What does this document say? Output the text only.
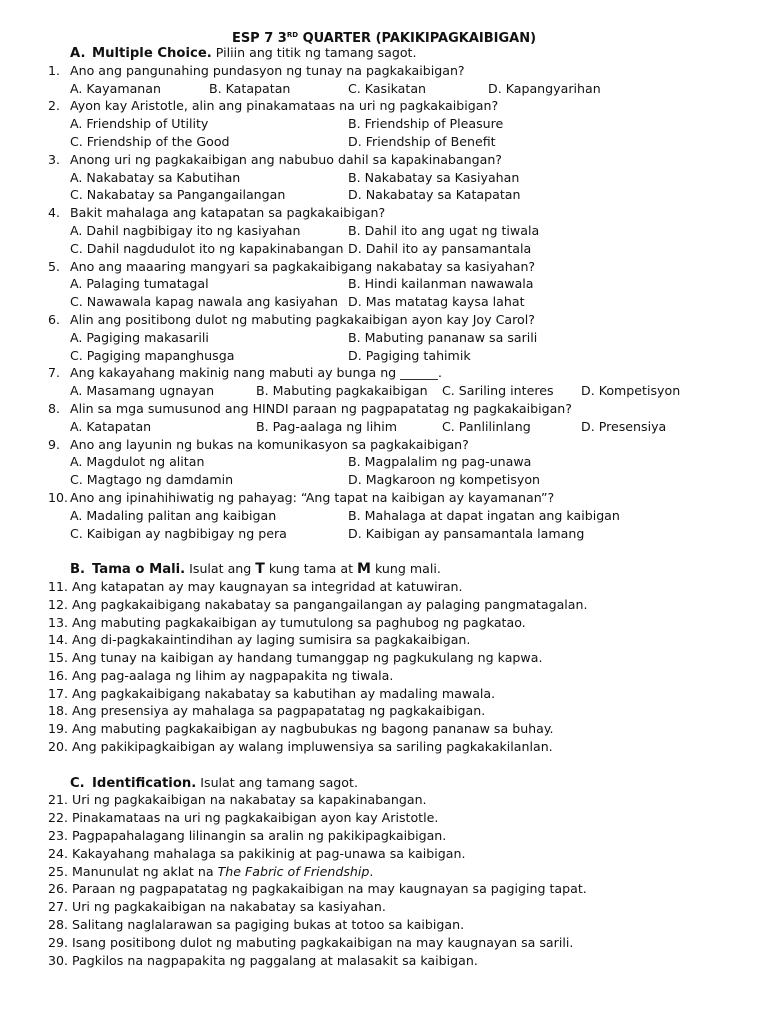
ESP 7 3RD QUARTER (PAKIKIPAGKAIBIGAN)
A. Multiple Choice. Piliin ang titik ng tamang sagot.
1. Ano ang pangunahing pundasyon ng tunay na pagkakaibigan?
A. Kayamanan	B. Katapatan	C. Kasikatan	D. Kapangyarihan
2. Ayon kay Aristotle, alin ang pinakamataas na uri ng pagkakaibigan?
A. Friendship of Utility	B. Friendship of Pleasure
C. Friendship of the Good	D. Friendship of Benefit
3. Anong uri ng pagkakaibigan ang nabubuo dahil sa kapakinabangan?
A. Nakabatay sa Kabutihan	B. Nakabatay sa Kasiyahan
C. Nakabatay sa Pangangailangan	D. Nakabatay sa Katapatan
4. Bakit mahalaga ang katapatan sa pagkakaibigan?
A. Dahil nagbibigay ito ng kasiyahan	B. Dahil ito ang ugat ng tiwala
C. Dahil nagdudulot ito ng kapakinabangan D. Dahil ito ay pansamantala
5. Ano ang maaaring mangyari sa pagkakaibigang nakabatay sa kasiyahan?
A. Palaging tumatagal	B. Hindi kailanman nawawala
C. Nawawala kapag nawala ang kasiyahan D. Mas matatag kaysa lahat
6. Alin ang positibong dulot ng mabuting pagkakaibigan ayon kay Joy Carol?
A. Pagiging makasarili	B. Mabuting pananaw sa sarili
C. Pagiging mapanghusga	D. Pagiging tahimik
7. Ang kakayahang makinig nang mabuti ay bunga ng ______.
A. Masamang ugnayan	B. Mabuting pagkakaibigan C. Sariling interes D. Kompetisyon
8. Alin sa mga sumusunod ang HINDI paraan ng pagpapatatag ng pagkakaibigan?
A. Katapatan	B. Pag-aalaga ng lihim	C. Panlilinlang	D. Presensiya
9. Ano ang layunin ng bukas na komunikasyon sa pagkakaibigan?
A. Magdulot ng alitan	B. Magpalalim ng pag-unawa
C. Magtago ng damdamin	D. Magkaroon ng kompetisyon
10. Ano ang ipinahihiwatig ng pahayag: “Ang tapat na kaibigan ay kayamanan”?
A. Madaling palitan ang kaibigan	B. Mahalaga at dapat ingatan ang kaibigan
C. Kaibigan ay nagbibigay ng pera	D. Kaibigan ay pansamantala lamang
B. Tama o Mali. Isulat ang T kung tama at M kung mali.
11. Ang katapatan ay may kaugnayan sa integridad at katuwiran.
12. Ang pagkakaibigang nakabatay sa pangangailangan ay palaging pangmatagalan.
13. Ang mabuting pagkakaibigan ay tumutulong sa paghubog ng pagkatao.
14. Ang di-pagkakaintindihan ay laging sumisira sa pagkakaibigan.
15. Ang tunay na kaibigan ay handang tumanggap ng pagkukulang ng kapwa.
16. Ang pag-aalaga ng lihim ay nagpapakita ng tiwala.
17. Ang pagkakaibigang nakabatay sa kabutihan ay madaling mawala.
18. Ang presensiya ay mahalaga sa pagpapatatag ng pagkakaibigan.
19. Ang mabuting pagkakaibigan ay nagbubukas ng bagong pananaw sa buhay.
20. Ang pakikipagkaibigan ay walang impluwensiya sa sariling pagkakakilanlan.
C. Identification. Isulat ang tamang sagot.
21. Uri ng pagkakaibigan na nakabatay sa kapakinabangan.
22. Pinakamataas na uri ng pagkakaibigan ayon kay Aristotle.
23. Pagpapahalagang lilinangin sa aralin ng pakikipagkaibigan.
24. Kakayahang mahalaga sa pakikinig at pag-unawa sa kaibigan.
25. Manunulat ng aklat na The Fabric of Friendship.
26. Paraan ng pagpapatatag ng pagkakaibigan na may kaugnayan sa pagiging tapat.
27. Uri ng pagkakaibigan na nakabatay sa kasiyahan.
28. Salitang naglalarawan sa pagiging bukas at totoo sa kaibigan.
29. Isang positibong dulot ng mabuting pagkakaibigan na may kaugnayan sa sarili.
30. Pagkilos na nagpapakita ng paggalang at malasakit sa kaibigan.
